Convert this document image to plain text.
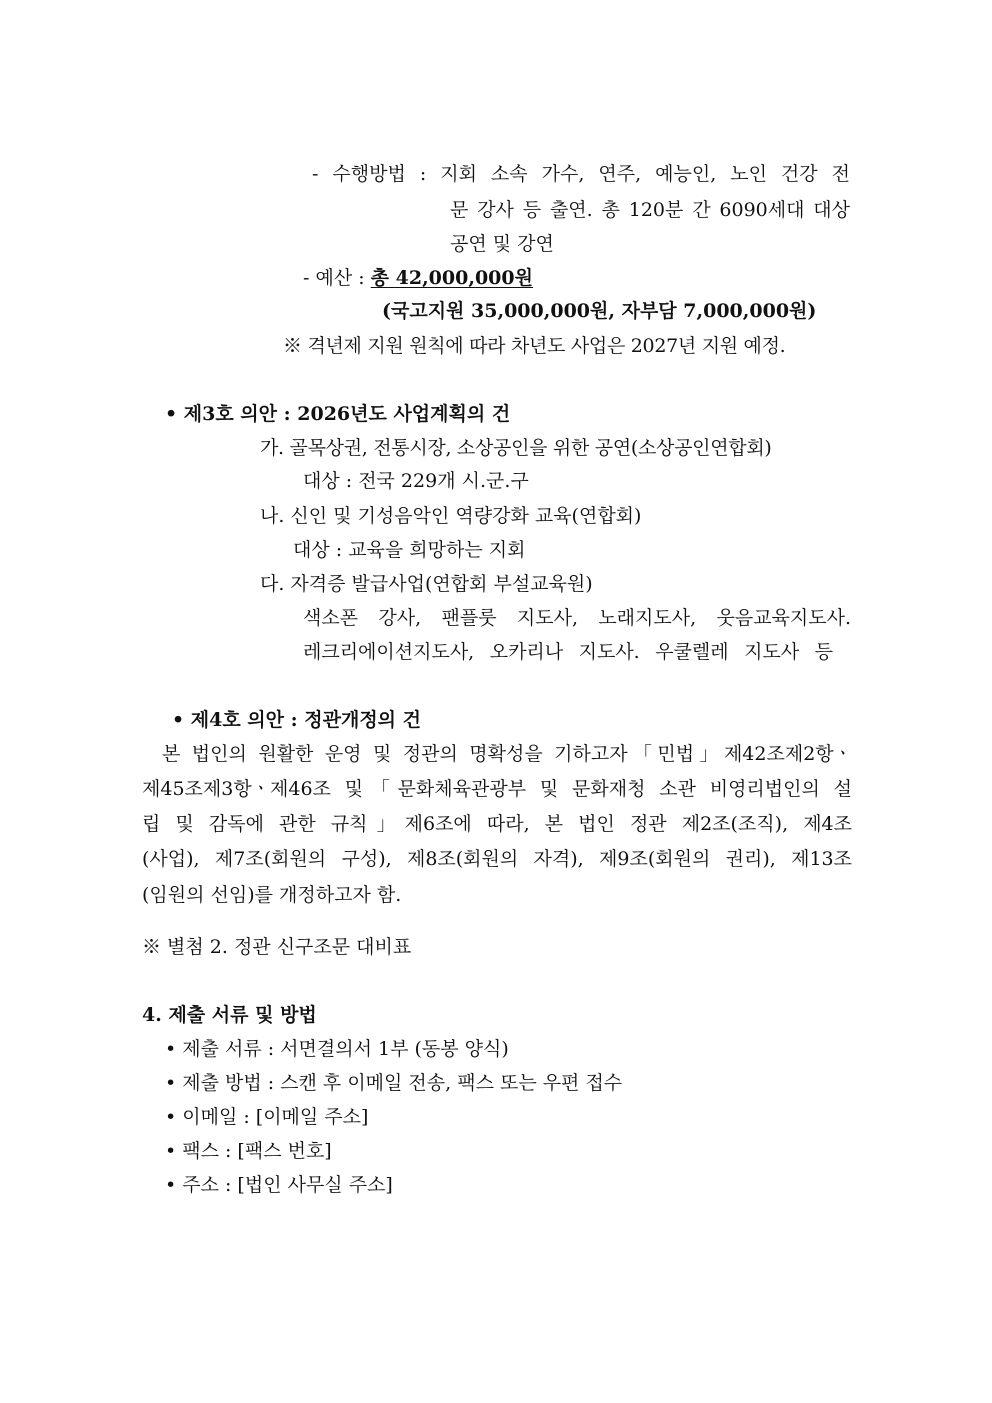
- 수행방법 : 지회 소속 가수, 연주, 예능인, 노인 건강 전
문 강사 등 출연. 총 120분 간 6090세대 대상
공연 및 강연
- 예산 : 총 42,000,000원
(국고지원 35,000,000원, 자부담 7,000,000원)
※ 격년제 지원 원칙에 따라 차년도 사업은 2027년 지원 예정.
• 제3호 의안 : 2026년도 사업계획의 건
가. 골목상권, 전통시장, 소상공인을 위한 공연(소상공인연합회)
대상 : 전국 229개 시.군.구
나. 신인 및 기성음악인 역량강화 교육(연합회)
대상 : 교육을 희망하는 지회
다. 자격증 발급사업(연합회 부설교육원)
색소폰 강사, 팬플룻 지도사, 노래지도사, 웃음교육지도사.
레크리에이션지도사, 오카리나 지도사. 우쿨렐레 지도사 등
• 제4호 의안 : 정관개정의 건
본 법인의 원활한 운영 및 정관의 명확성을 기하고자「민법」제42조제2항ㆍ
제45조제3항ㆍ제46조 및「문화체육관광부 및 문화재청 소관 비영리법인의 설
립 및 감독에 관한 규칙」제6조에 따라, 본 법인 정관 제2조(조직), 제4조
(사업), 제7조(회원의 구성), 제8조(회원의 자격), 제9조(회원의 권리), 제13조
(임원의 선임)를 개정하고자 함.
※ 별첨 2. 정관 신구조문 대비표
4. 제출 서류 및 방법
• 제출 서류 : 서면결의서 1부 (동봉 양식)
• 제출 방법 : 스캔 후 이메일 전송, 팩스 또는 우편 접수
• 이메일 : [이메일 주소]
• 팩스 : [팩스 번호]
• 주소 : [법인 사무실 주소]
